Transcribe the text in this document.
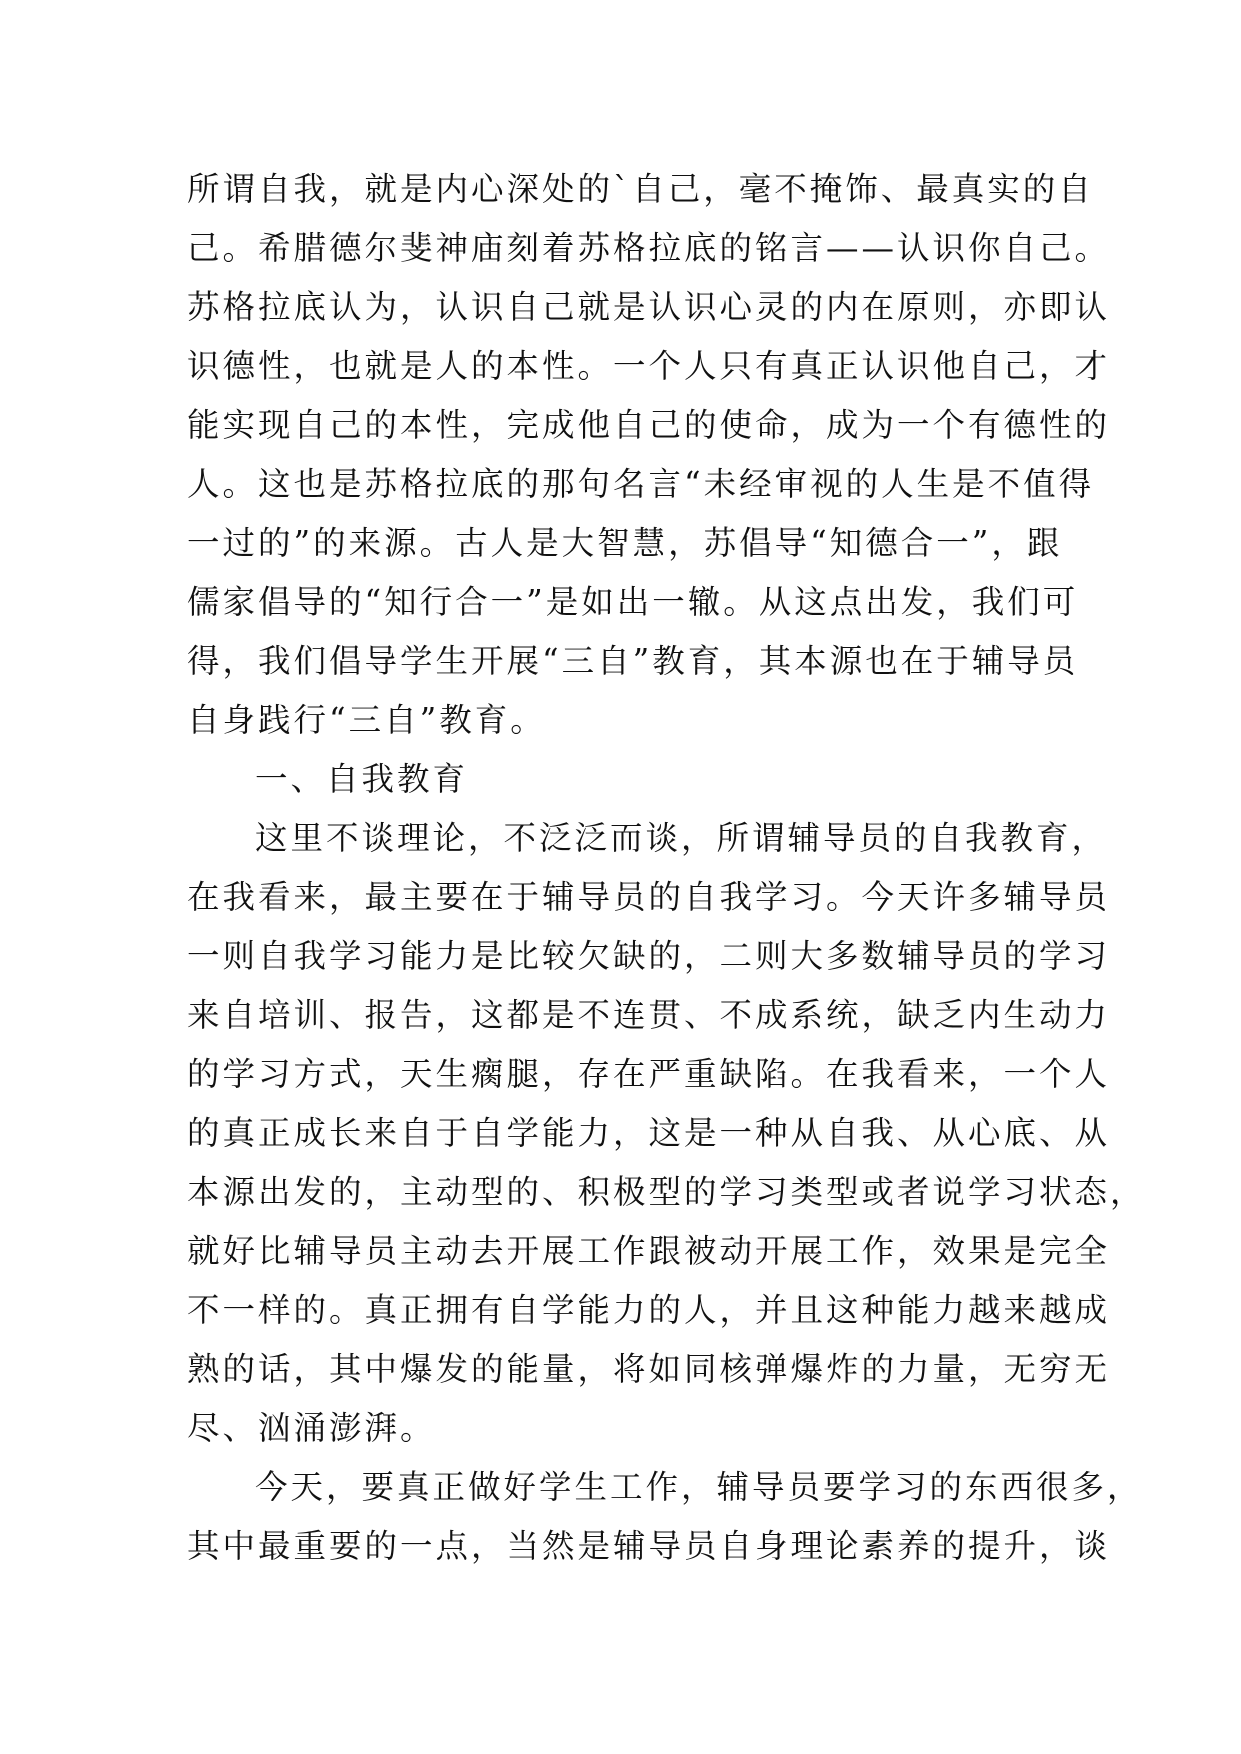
所谓自我，就是内心深处的`自己，毫不掩饰、最真实的自

己。希腊德尔斐神庙刻着苏格拉底的铭言——认识你自己。

苏格拉底认为，认识自己就是认识心灵的内在原则，亦即认

识德性，也就是人的本性。一个人只有真正认识他自己，才

能实现自己的本性，完成他自己的使命，成为一个有德性的

人。这也是苏格拉底的那句名言“未经审视的人生是不值得

一过的”的来源。古人是大智慧，苏倡导“知德合一”，跟

儒家倡导的“知行合一”是如出一辙。从这点出发，我们可

得，我们倡导学生开展“三自”教育，其本源也在于辅导员

自身践行“三自”教育。

一、自我教育

这里不谈理论，不泛泛而谈，所谓辅导员的自我教育，

在我看来，最主要在于辅导员的自我学习。今天许多辅导员

一则自我学习能力是比较欠缺的，二则大多数辅导员的学习

来自培训、报告，这都是不连贯、不成系统，缺乏内生动力

的学习方式，天生瘸腿，存在严重缺陷。在我看来，一个人

的真正成长来自于自学能力，这是一种从自我、从心底、从

本源出发的，主动型的、积极型的学习类型或者说学习状态，

就好比辅导员主动去开展工作跟被动开展工作，效果是完全

不一样的。真正拥有自学能力的人，并且这种能力越来越成

熟的话，其中爆发的能量，将如同核弹爆炸的力量，无穷无

尽、汹涌澎湃。

今天，要真正做好学生工作，辅导员要学习的东西很多，

其中最重要的一点，当然是辅导员自身理论素养的提升，谈
